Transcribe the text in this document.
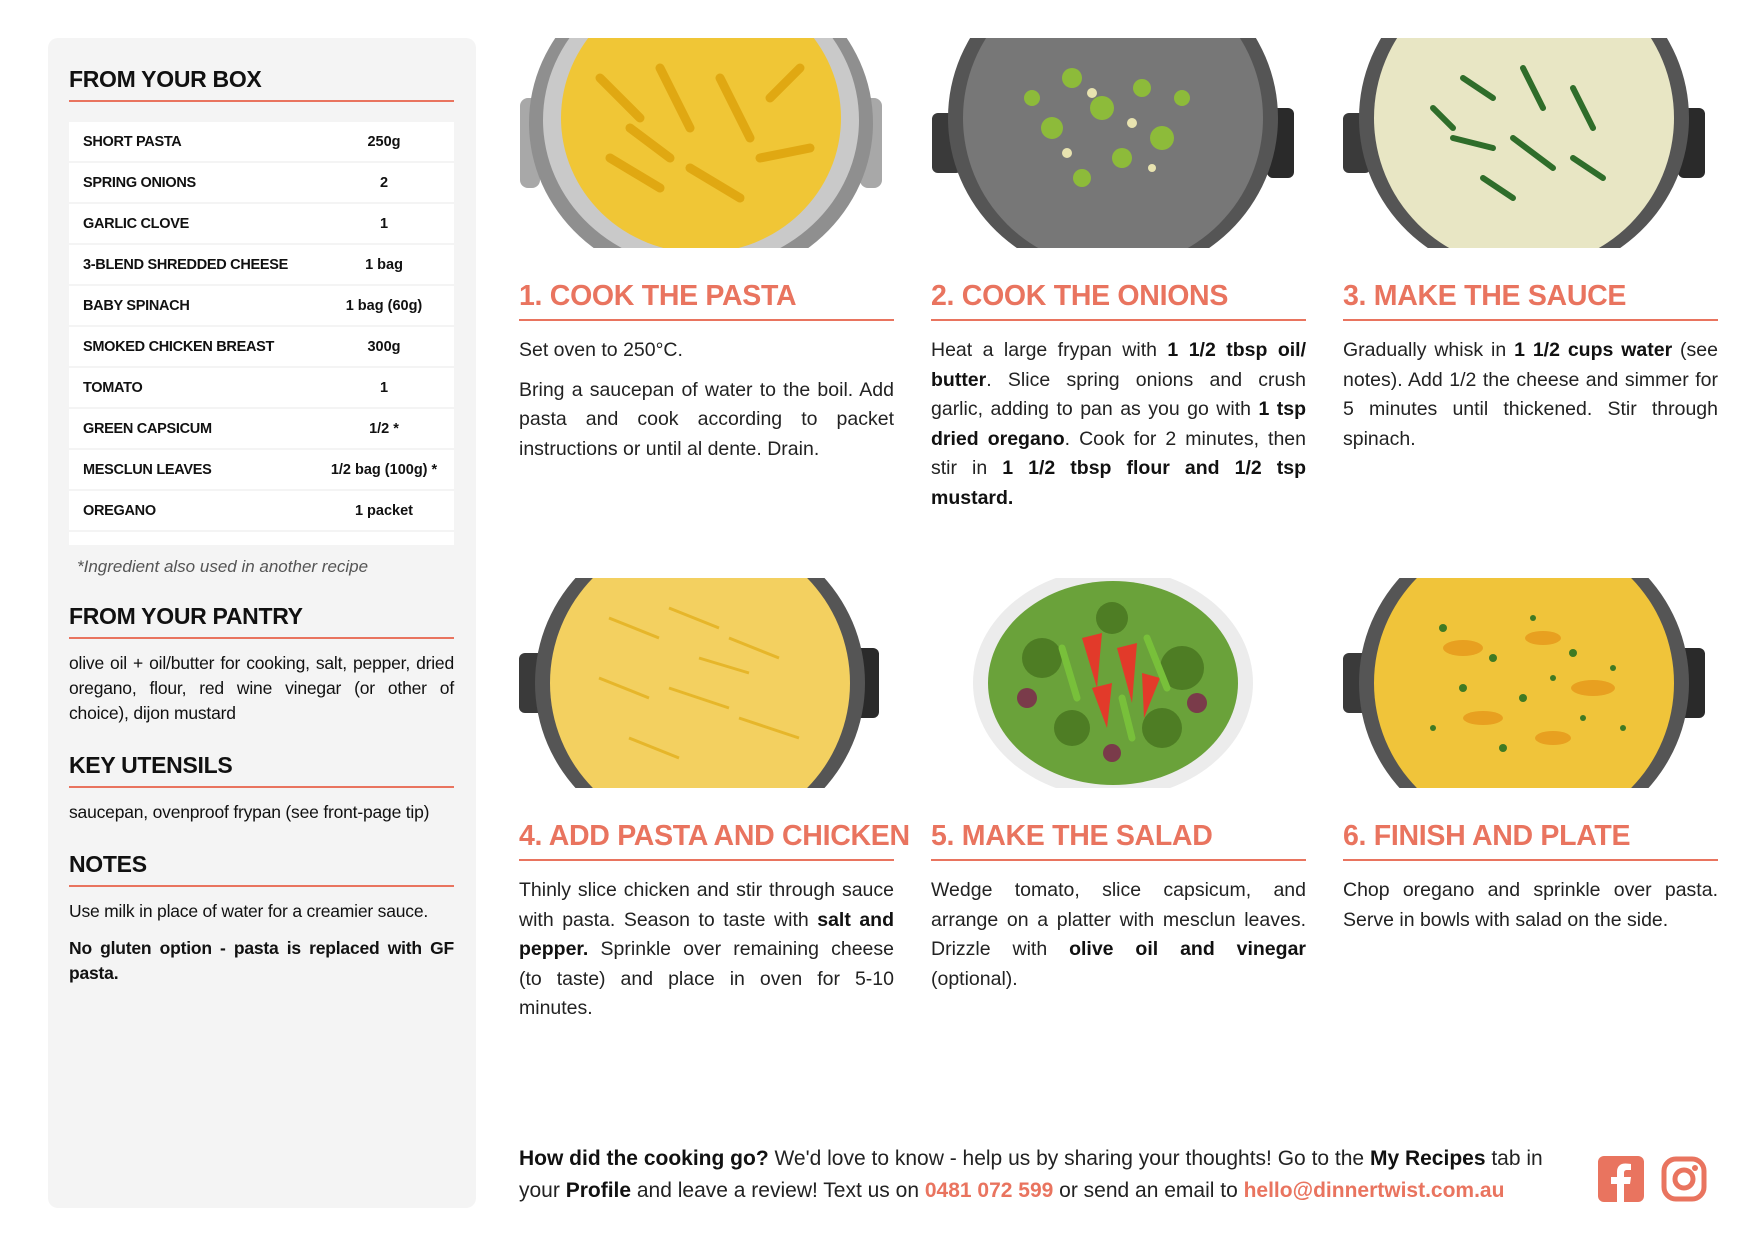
FROM YOUR BOX
SHORT PASTA	250g
SPRING ONIONS	2
GARLIC CLOVE	1
3-BLEND SHREDDED CHEESE	1 bag
BABY SPINACH	1 bag (60g)
SMOKED CHICKEN BREAST	300g
TOMATO	1
GREEN CAPSICUM	1/2 *
MESCLUN LEAVES	1/2 bag (100g) *
OREGANO	1 packet

*Ingredient also used in another recipe
FROM YOUR PANTRY

olive oil + oil/butter for cooking, salt, pepper, dried oregano, flour, red wine vinegar (or other of choice), dijon mustard

KEY UTENSILS

saucepan, ovenproof frypan (see front-page tip)

NOTES

Use milk in place of water for a creamier sauce.

No gluten option - pasta is replaced with GF pasta.

1. COOK THE PASTA

Set oven to 250°C.

Bring a saucepan of water to the boil. Add pasta and cook according to packet instructions or until al dente. Drain.

2. COOK THE ONIONS

Heat a large frypan with 1 1/2 tbsp oil/ butter. Slice spring onions and crush garlic, adding to pan as you go with 1 tsp dried oregano. Cook for 2 minutes, then stir in 1 1/2 tbsp flour and 1/2 tsp mustard.

3. MAKE THE SAUCE

Gradually whisk in 1 1/2 cups water (see notes). Add 1/2 the cheese and simmer for 5 minutes until thickened. Stir through spinach.

4. ADD PASTA AND CHICKEN

Thinly slice chicken and stir through sauce with pasta. Season to taste with salt and pepper. Sprinkle over remaining cheese (to taste) and place in oven for 5-10 minutes.

5. MAKE THE SALAD

Wedge tomato, slice capsicum, and arrange on a platter with mesclun leaves. Drizzle with olive oil and vinegar (optional).

6. FINISH AND PLATE

Chop oregano and sprinkle over pasta. Serve in bowls with salad on the side.

How did the cooking go? We'd love to know - help us by sharing your thoughts! Go to the My Recipes tab in your Profile and leave a review! Text us on 0481 072 599 or send an email to hello@dinnertwist.com.au
